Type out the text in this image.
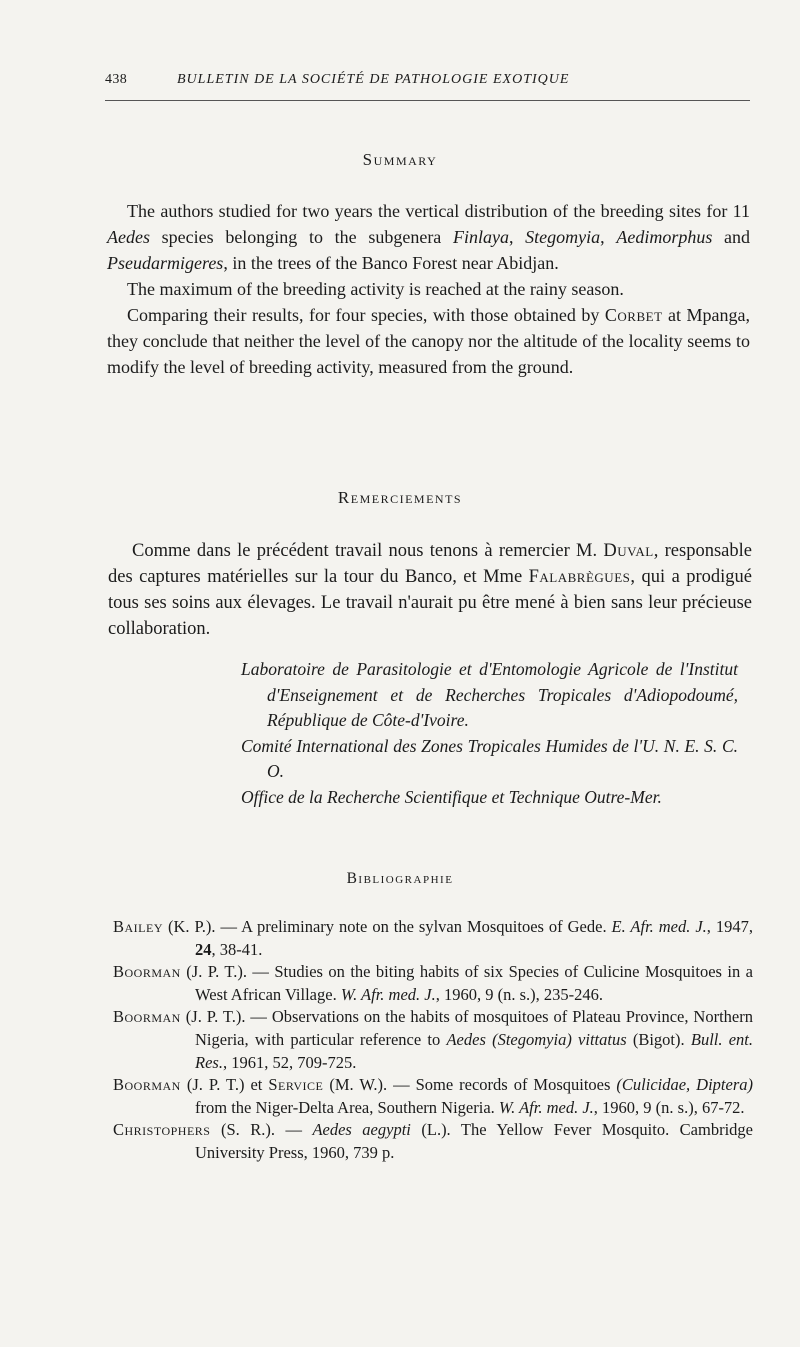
438	BULLETIN DE LA SOCIÉTÉ DE PATHOLOGIE EXOTIQUE
Summary

The authors studied for two years the vertical distribution of the breeding sites for 11 Aedes species belonging to the subgenera Finlaya, Stegomyia, Aedimorphus and Pseudarmigeres, in the trees of the Banco Forest near Abidjan.

The maximum of the breeding activity is reached at the rainy season.

Comparing their results, for four species, with those obtained by Corbet at Mpanga, they conclude that neither the level of the canopy nor the altitude of the locality seems to modify the level of breeding activity, measured from the ground.

Remerciements

Comme dans le précédent travail nous tenons à remercier M. Duval, responsable des captures matérielles sur la tour du Banco, et Mme Falabrègues, qui a prodigué tous ses soins aux élevages. Le travail n'aurait pu être mené à bien sans leur précieuse collaboration.

Laboratoire de Parasitologie et d'Entomologie Agricole de l'Institut d'Enseignement et de Recherches Tropicales d'Adiopodoumé, République de Côte-d'Ivoire.

Comité International des Zones Tropicales Humides de l'U. N. E. S. C. O.

Office de la Recherche Scientifique et Technique Outre-Mer.

Bibliographie

Bailey (K. P.). — A preliminary note on the sylvan Mosquitoes of Gede. E. Afr. med. J., 1947, 24, 38-41.

Boorman (J. P. T.). — Studies on the biting habits of six Species of Culicine Mosquitoes in a West African Village. W. Afr. med. J., 1960, 9 (n. s.), 235-246.

Boorman (J. P. T.). — Observations on the habits of mosquitoes of Plateau Province, Northern Nigeria, with particular reference to Aedes (Stegomyia) vittatus (Bigot). Bull. ent. Res., 1961, 52, 709-725.

Boorman (J. P. T.) et Service (M. W.). — Some records of Mosquitoes (Culicidae, Diptera) from the Niger-Delta Area, Southern Nigeria. W. Afr. med. J., 1960, 9 (n. s.), 67-72.

Christophers (S. R.). — Aedes aegypti (L.). The Yellow Fever Mosquito. Cambridge University Press, 1960, 739 p.
